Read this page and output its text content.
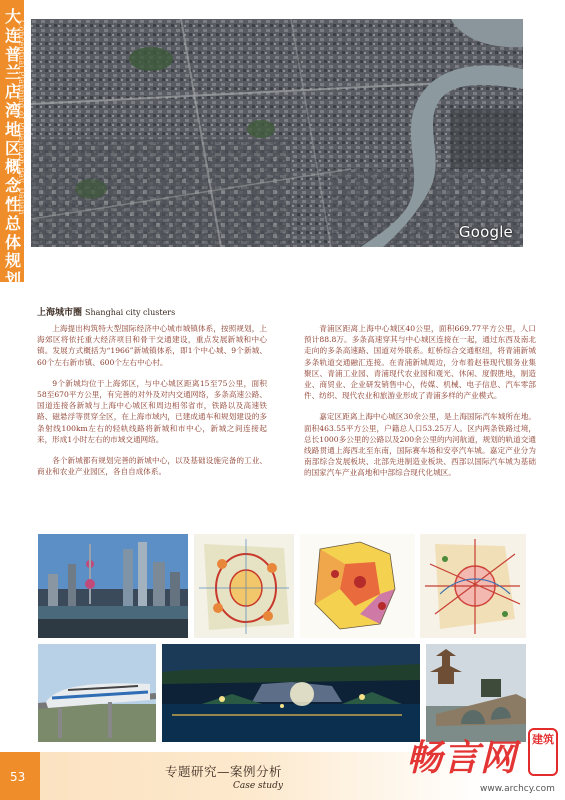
大连普兰店湾地区概念性总体规划
Conceptual Planning of Pulandian Bay, Dalian
Google
上海城市圈 Shanghai city clusters

上海提出构筑特大型国际经济中心城市城镇体系，按照规划，上海郊区将依托重大经济项目和骨干交通建设，重点发展新城和中心镇。发展方式概括为“1966”新城镇体系，即1个中心城、9个新城、60个左右新市镇、600个左右中心村。

9个新城均位于上海郊区，与中心城区距离15至75公里，面积58至670平方公里，有完善的对外及对内交通网络，多条高速公路、国道连接各新城与上海中心城区和周边相邻省市，铁路以及高速铁路、磁悬浮等贯穿全区，在上海市域内，已建成通车和规划建设的多条射线100km左右的轻轨线路将新城和市中心，新城之间连接起来，形成1小时左右的市域交通网络。

各个新城都有规划完善的新城中心，以及基础设施完备的工业、商业和农业产业园区，各自自成体系。

青浦区距离上海中心城区40公里，面积669.77平方公里，人口预计88.8万。多条高速穿其与中心城区连接在一起，通过东西及南北走向的多条高速路、国道对外联系。虹桥综合交通枢纽，将青浦新城多条轨道交通融汇连接。在青浦新城周边，分布着赵巷现代服务业集聚区、青浦工业园、青浦现代农业园和观光、休闲、度假胜地，制造业、商贸业、企业研发销售中心，传媒、机械、电子信息、汽车零部件、纺织、现代农业和旅游业形成了青浦多样的产业模式。

嘉定区距离上海中心城区30余公里，是上海国际汽车城所在地。面积463.55平方公里，户籍总人口53.25万人。区内两条铁路过境，总长1000多公里的公路以及200余公里的内河航道，规划的轨道交通线路贯通上海西北至东南，国际赛车场和安亭汽车城。嘉定产业分为南部综合发展板块、北部先进制造业板块、西部以国际汽车城为基础的国家汽车产业高地和中部综合现代化城区。

53	专题研究—案例分析
Case study
畅言网	建筑
www.archcy.com
